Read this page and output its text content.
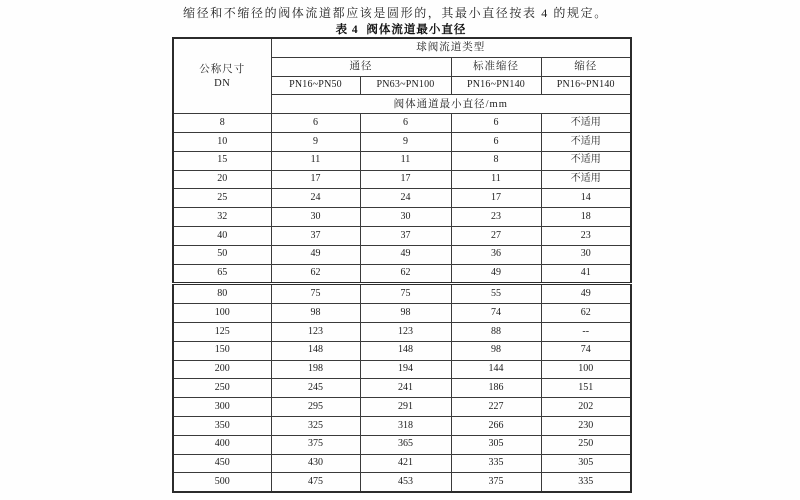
缩径和不缩径的阀体流道都应该是圆形的，其最小直径按表 4 的规定。
表 4  阀体流道最小直径
公称尺寸
DN	球阀流道类型			
	通径		标准缩径	缩径
	PN16~PN50	PN63~PN100	PN16~PN140	PN16~PN140
	阀体通道最小直径/mm			
8	6	6	6	不适用
10	9	9	6	不适用
15	11	11	8	不适用
20	17	17	11	不适用
25	24	24	17	14
32	30	30	23	18
40	37	37	27	23
50	49	49	36	30
65	62	62	49	41
80	75	75	55	49
100	98	98	74	62
125	123	123	88	--
150	148	148	98	74
200	198	194	144	100
250	245	241	186	151
300	295	291	227	202
350	325	318	266	230
400	375	365	305	250
450	430	421	335	305
500	475	453	375	335
